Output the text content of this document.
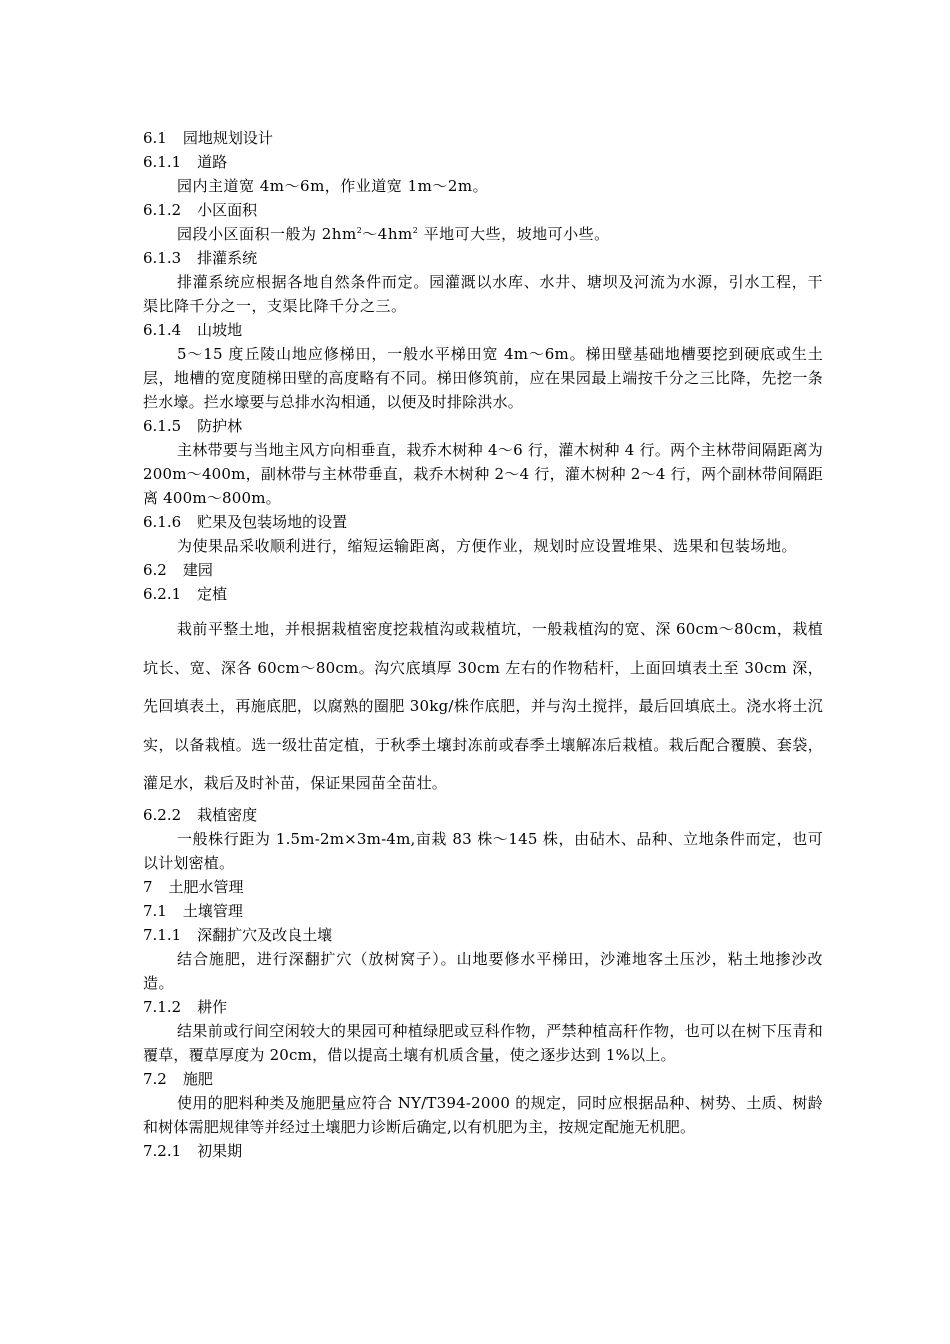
6.1 园地规划设计
6.1.1 道路
园内主道宽 4m～6m，作业道宽 1m～2m。
6.1.2 小区面积
园段小区面积一般为 $2hm^2\sim 4hm^2$ 平地可大些，坡地可小些。
6.1.3 排灌系统
排灌系统应根据各地自然条件而定。园灌溉以水库、水井、塘坝及河流为水源，引水工程，干渠比降千分之一，支渠比降千分之三。
6.1.4 山坡地
5～15 度丘陵山地应修梯田，一般水平梯田宽 4m～6m。梯田壁基础地槽要挖到硬底或生土层，地槽的宽度随梯田壁的高度略有不同。梯田修筑前，应在果园最上端按千分之三比降，先挖一条拦水壕。拦水壕要与总排水沟相通，以便及时排除洪水。
6.1.5 防护林
主林带要与当地主风方向相垂直，栽乔木树种 4～6 行，灌木树种 4 行。两个主林带间隔距离为 200m～400m，副林带与主林带垂直，栽乔木树种 2～4 行，灌木树种 2～4 行，两个副林带间隔距离 400m～800m。
6.1.6 贮果及包装场地的设置
为使果品采收顺利进行，缩短运输距离，方便作业，规划时应设置堆果、选果和包装场地。
6.2 建园
6.2.1 定植
栽前平整土地，并根据栽植密度挖栽植沟或栽植坑，一般栽植沟的宽、深 60cm～80cm，栽植坑长、宽、深各 60cm～80cm。沟穴底填厚 30cm 左右的作物秸杆，上面回填表土至 30cm 深，先回填表土，再施底肥，以腐熟的圈肥 30kg/株作底肥，并与沟土搅拌，最后回填底土。浇水将土沉实，以备栽植。选一级壮苗定植，于秋季土壤封冻前或春季土壤解冻后栽植。栽后配合覆膜、套袋，灌足水，栽后及时补苗，保证果园苗全苗壮。
6.2.2 栽植密度
一般株行距为 1.5m-2m×3m-4m,亩栽 83 株～145 株，由砧木、品种、立地条件而定，也可以计划密植。
7 土肥水管理
7.1 土壤管理
7.1.1 深翻扩穴及改良土壤
结合施肥，进行深翻扩穴（放树窝子）。山地要修水平梯田，沙滩地客土压沙，粘土地掺沙改造。
7.1.2 耕作
结果前或行间空闲较大的果园可种植绿肥或豆科作物，严禁种植高秆作物，也可以在树下压青和覆草，覆草厚度为 20cm，借以提高土壤有机质含量，使之逐步达到 1%以上。
7.2 施肥
使用的肥料种类及施肥量应符合 NY/T394-2000 的规定，同时应根据品种、树势、土质、树龄和树体需肥规律等并经过土壤肥力诊断后确定,以有机肥为主，按规定配施无机肥。
7.2.1 初果期
